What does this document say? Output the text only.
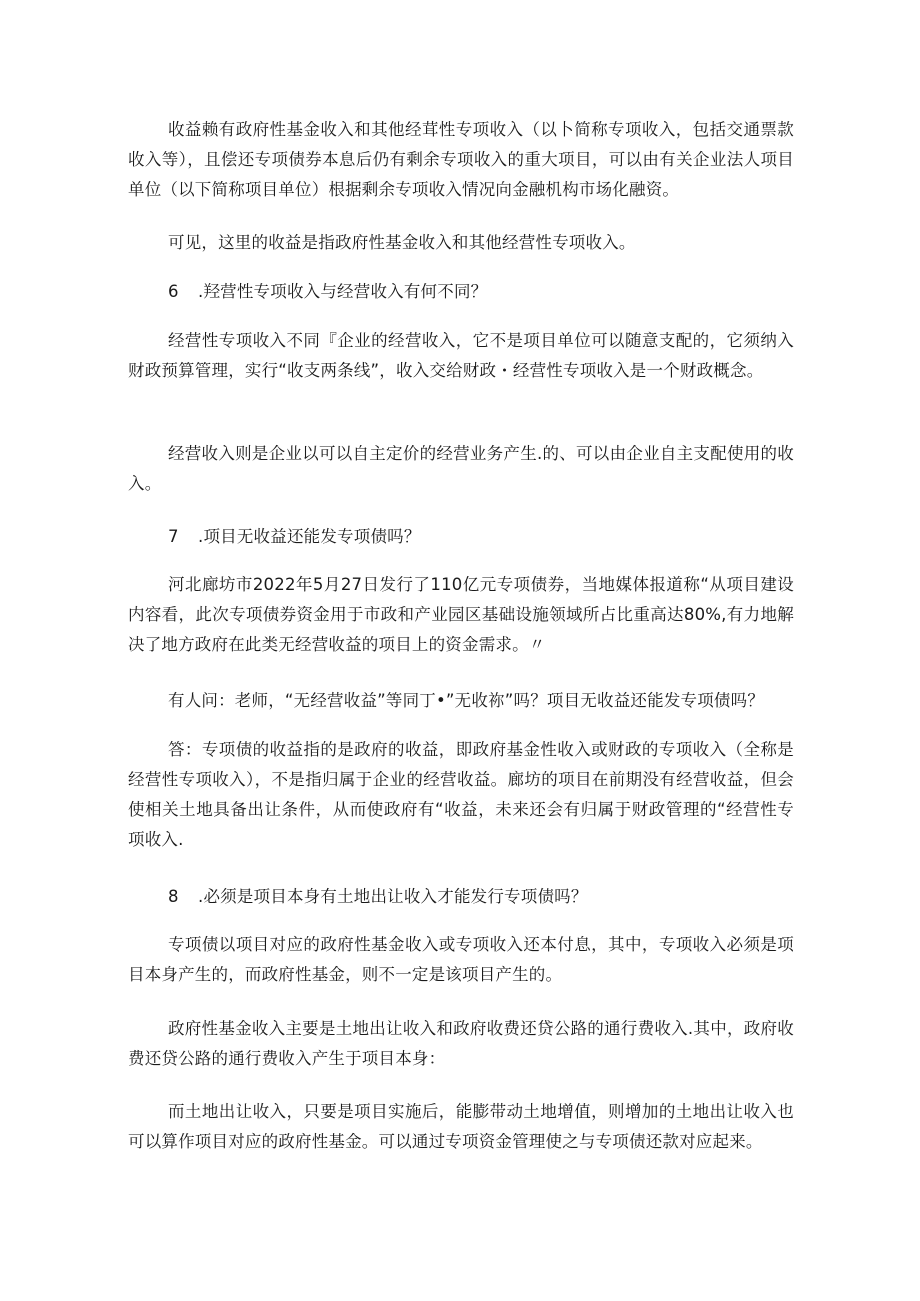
收益赖有政府性基金收入和其他经茸性专项收入（以卜简称专项收入，包括交通票款收入等），且偿还专项债券本息后仍有剩余专项收入的重大项目，可以由有关企业法人项目单位（以下简称项目单位）根据剩余专项收入情况向金融机构市场化融资。

可见，这里的收益是指政府性基金收入和其他经营性专项收入。

6 .羟营性专项收入与经营收入有何不同？

经营性专项收入不同『企业的经营收入，它不是项目单位可以随意支配的，它须纳入财政预算管理，实行“收支两条线”，收入交给财政・经营性专项收入是一个财政概念。

经营收入则是企业以可以自主定价的经营业务产生.的、可以由企业自主支配使用的收入。

7 .项目无收益还能发专项债吗？

河北廊坊市2022年5月27日发行了110亿元专项债券，当地媒体报道称“从项目建设内容看，此次专项债券资金用于市政和产业园区基础设施领域所占比重高达80%,有力地解决了地方政府在此类无经营收益的项目上的资金需求。〃

有人问：老师，“无经营收益”等同丁•”无收祢”吗？项目无收益还能发专项债吗？

答：专项债的收益指的是政府的收益，即政府基金性收入或财政的专项收入（全称是经营性专项收入），不是指归属于企业的经营收益。廊坊的项目在前期没有经营收益，但会使相关土地具备出让条件，从而使政府有“收益，未来还会有归属于财政管理的“经营性专项收入.

8 .必须是项目本身有土地出让收入才能发行专项债吗？

专项债以项目对应的政府性基金收入或专项收入还本付息，其中，专项收入必须是项目本身产生的，而政府性基金，则不一定是该项目产生的。

政府性基金收入主要是土地出让收入和政府收费还贷公路的通行费收入.其中，政府收费还贷公路的通行费收入产生于项目本身：

而土地出让收入，只要是项目实施后，能膨带动土地增值，则增加的土地出让收入也可以算作项目对应的政府性基金。可以通过专项资金管理使之与专项债还款对应起来。
